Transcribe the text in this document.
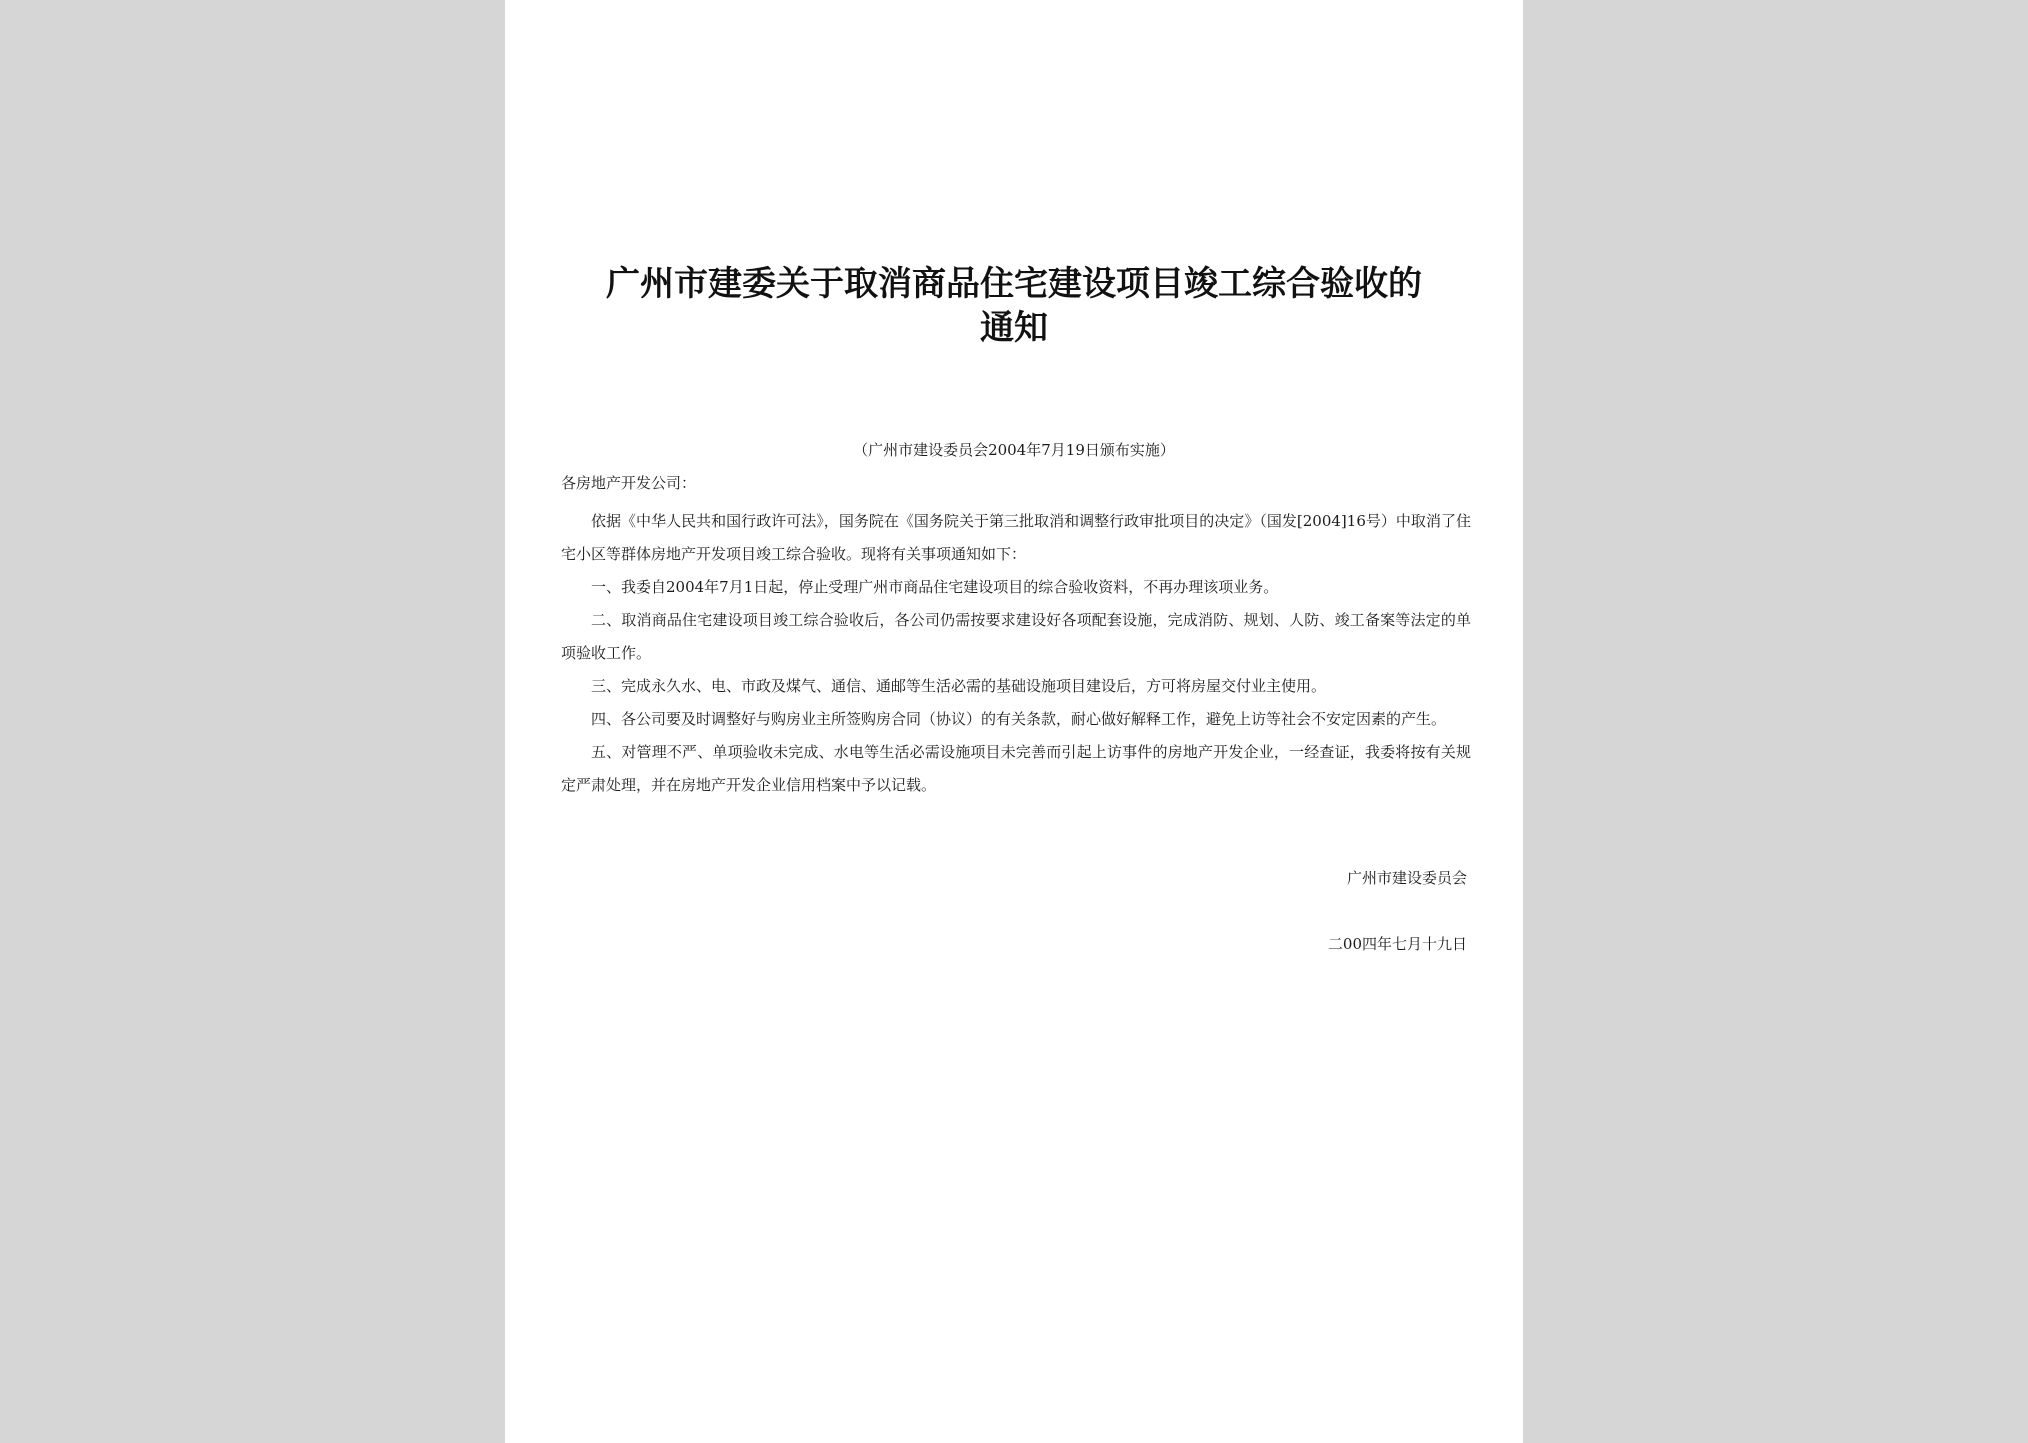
广州市建委关于取消商品住宅建设项目竣工综合验收的
通知
（广州市建设委员会2004年7月19日颁布实施）
各房地产开发公司：

依据《中华人民共和国行政许可法》，国务院在《国务院关于第三批取消和调整行政审批项目的决定》（国发[2004]16号）中取消了住宅小区等群体房地产开发项目竣工综合验收。现将有关事项通知如下：

一、我委自2004年7月1日起，停止受理广州市商品住宅建设项目的综合验收资料，不再办理该项业务。

二、取消商品住宅建设项目竣工综合验收后，各公司仍需按要求建设好各项配套设施，完成消防、规划、人防、竣工备案等法定的单项验收工作。

三、完成永久水、电、市政及煤气、通信、通邮等生活必需的基础设施项目建设后，方可将房屋交付业主使用。

四、各公司要及时调整好与购房业主所签购房合同（协议）的有关条款，耐心做好解释工作，避免上访等社会不安定因素的产生。

五、对管理不严、单项验收未完成、水电等生活必需设施项目未完善而引起上访事件的房地产开发企业，一经查证，我委将按有关规定严肃处理，并在房地产开发企业信用档案中予以记载。

广州市建设委员会
二00四年七月十九日
